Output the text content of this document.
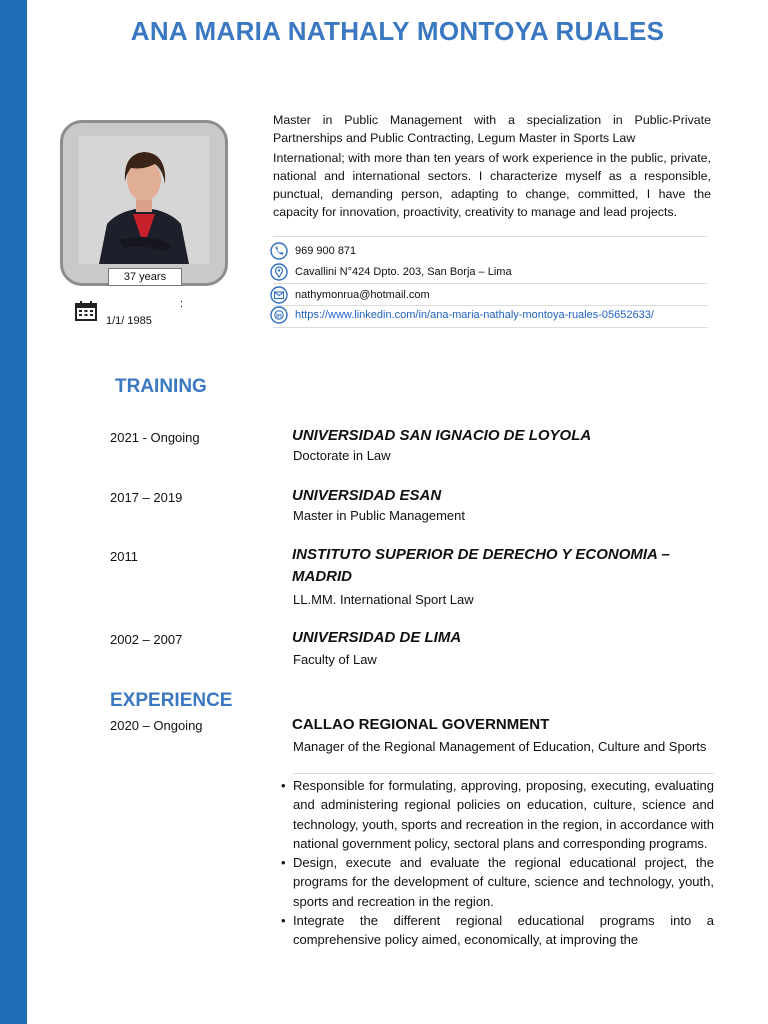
ANA MARIA NATHALY MONTOYA RUALES
37 years
:
1/1/ 1985

Master in Public Management with a specialization in Public-Private Partnerships and Public Contracting, Legum Master in Sports Law

International; with more than ten years of work experience in the public, private, national and international sectors. I characterize myself as a responsible, punctual, demanding person, adapting to change, committed, I have the capacity for innovation, proactivity, creativity to manage and lead projects.

969 900 871
Cavallini N°424 Dpto. 203, San Borja – Lima
nathymonrua@hotmail.com
in https://www.linkedin.com/in/ana-maria-nathaly-montoya-ruales-05652633/
TRAINING
2021 - Ongoing	UNIVERSIDAD SAN IGNACIO DE LOYOLA
Doctorate in Law
2017 – 2019	UNIVERSIDAD ESAN
Master in Public Management
2011	INSTITUTO SUPERIOR DE DERECHO Y ECONOMIA – MADRID
LL.MM. International Sport Law
2002 – 2007	UNIVERSIDAD DE LIMA
Faculty of Law
EXPERIENCE
2020 – Ongoing	CALLAO REGIONAL GOVERNMENT
Manager of the Regional Management of Education, Culture and Sports
• Responsible for formulating, approving, proposing, executing, evaluating and administering regional policies on education, culture, science and technology, youth, sports and recreation in the region, in accordance with national government policy, sectoral plans and corresponding programs.
• Design, execute and evaluate the regional educational project, the programs for the development of culture, science and technology, youth, sports and recreation in the region.
• Integrate the different regional educational programs into a comprehensive policy aimed, economically, at improving the
